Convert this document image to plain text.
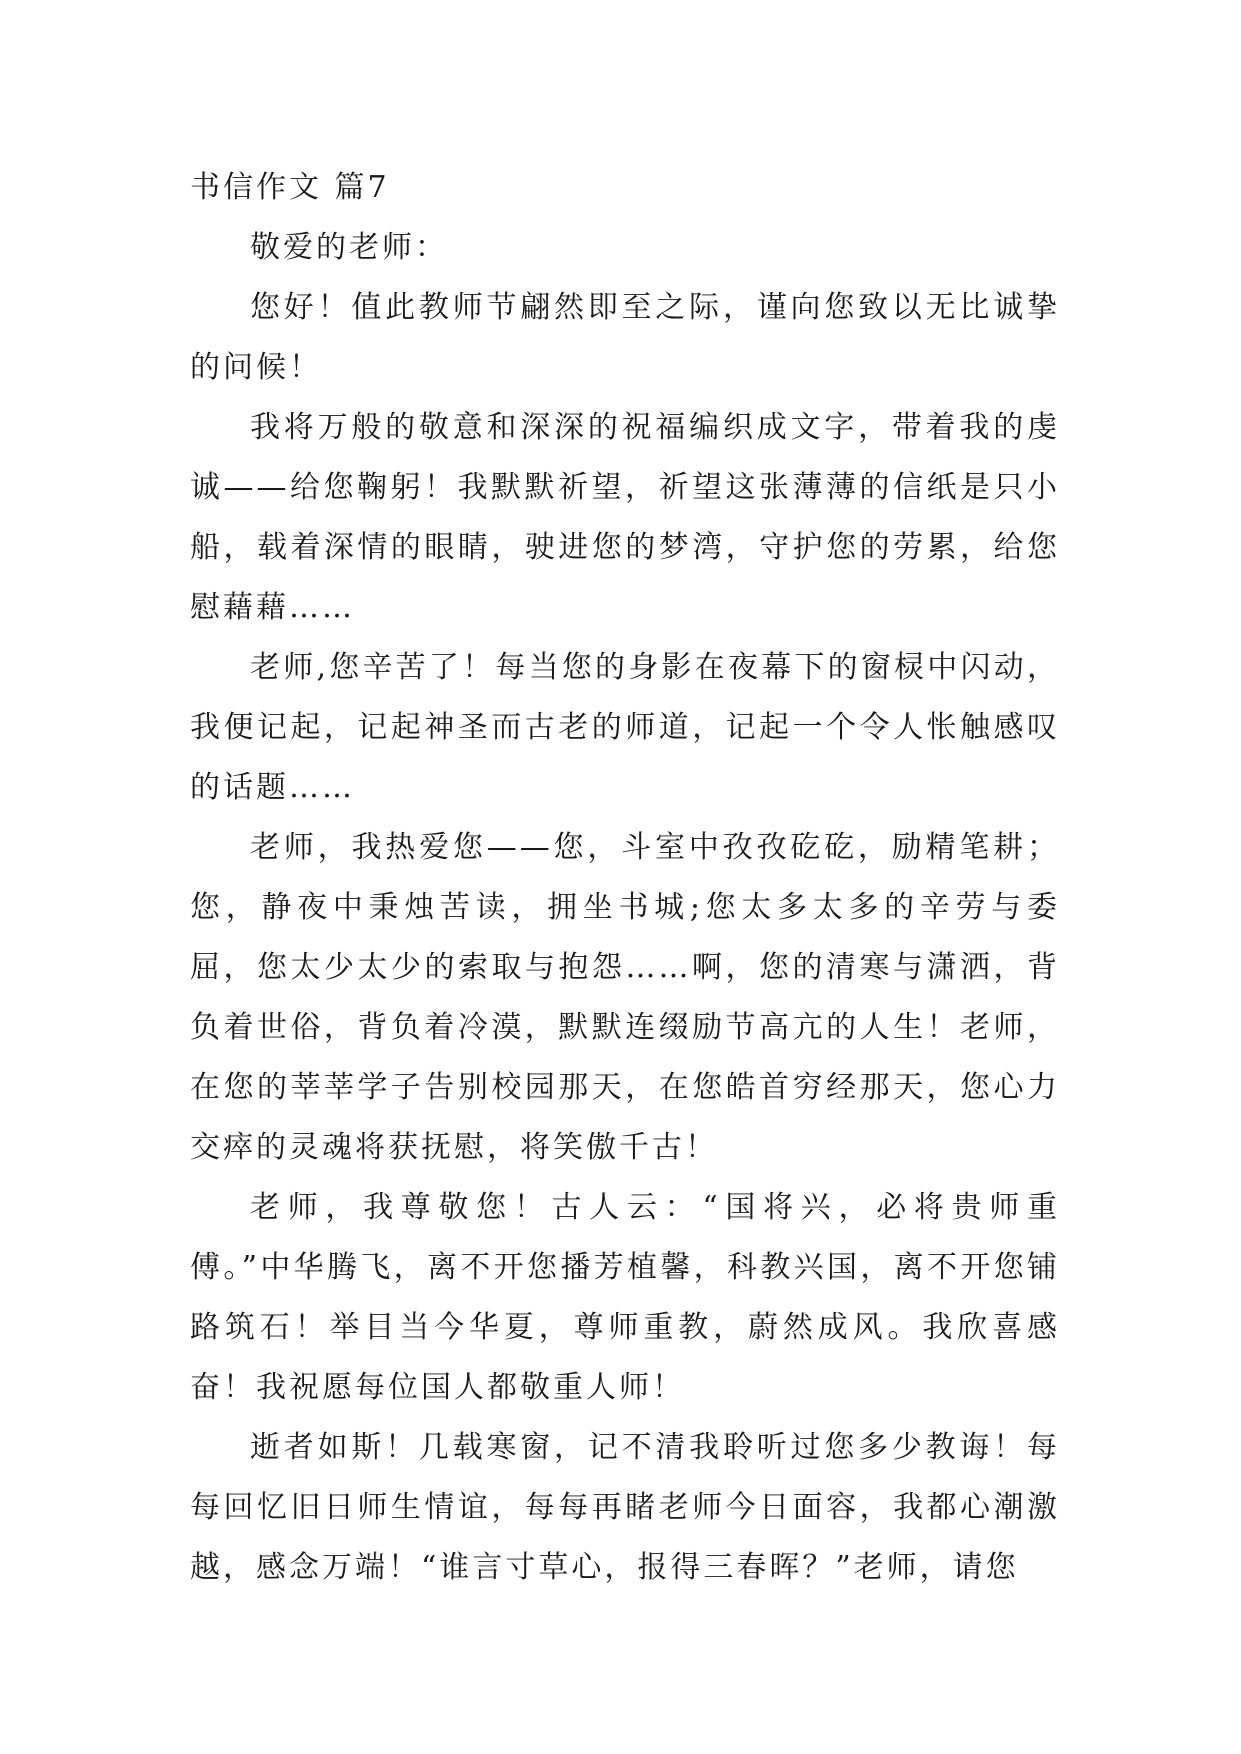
书信作文 篇7

敬爱的老师：

您好！值此教师节翩然即至之际，谨向您致以无比诚挚的问候！

我将万般的敬意和深深的祝福编织成文字，带着我的虔诚——给您鞠躬！我默默祈望，祈望这张薄薄的信纸是只小船，载着深情的眼睛，驶进您的梦湾，守护您的劳累，给您慰藉藉……

老师,您辛苦了！每当您的身影在夜幕下的窗棂中闪动，我便记起，记起神圣而古老的师道，记起一个令人怅触感叹的话题……

老师，我热爱您——您，斗室中孜孜矻矻，励精笔耕；您，静夜中秉烛苦读，拥坐书城;您太多太多的辛劳与委屈，您太少太少的索取与抱怨……啊，您的清寒与潇洒，背负着世俗，背负着冷漠，默默连缀励节高亢的人生！老师，在您的莘莘学子告别校园那天，在您皓首穷经那天，您心力交瘁的灵魂将获抚慰，将笑傲千古！

老师，我尊敬您！古人云：“国将兴，必将贵师重傅。”中华腾飞，离不开您播芳植馨，科教兴国，离不开您铺路筑石！举目当今华夏，尊师重教，蔚然成风。我欣喜感奋！我祝愿每位国人都敬重人师！

逝者如斯！几载寒窗，记不清我聆听过您多少教诲！每每回忆旧日师生情谊，每每再睹老师今日面容，我都心潮激越，感念万端！“谁言寸草心，报得三春晖？”老师，请您
